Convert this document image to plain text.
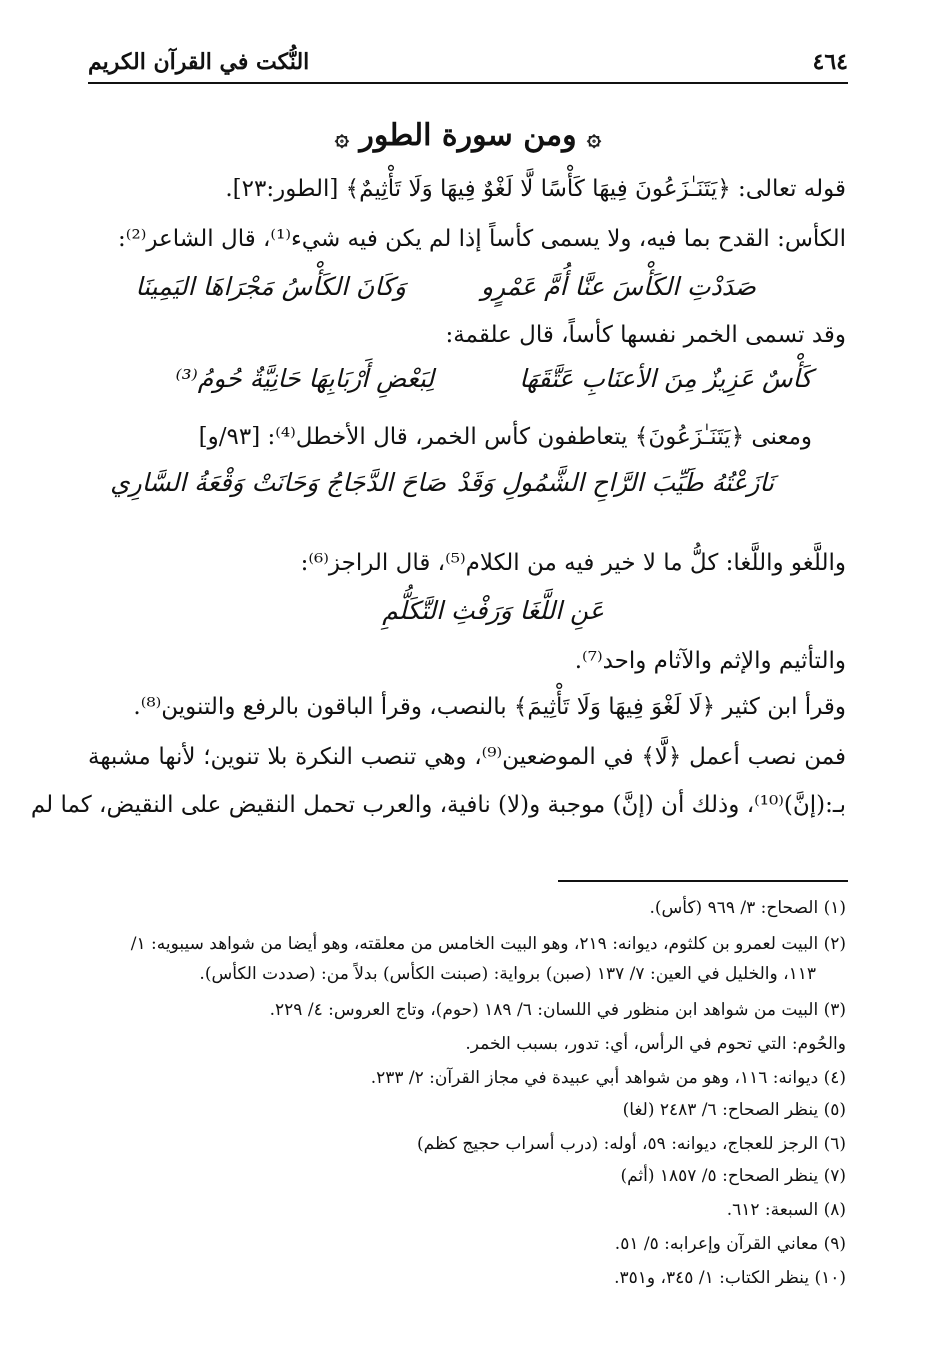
٤٦٤
النُّكت في القرآن الكريم
۞ ومن سورة الطور ۞
قوله تعالى: ﴿يَتَنَـٰزَعُونَ فِيهَا كَأْسًا لَّا لَغْوٌ فِيهَا وَلَا تَأْثِيمٌ﴾ [الطور:٢٣].
الكأس: القدح بما فيه، ولا يسمى كأساً إذا لم يكن فيه شيء⁽¹⁾، قال الشاعر⁽²⁾:
صَدَدْتِ الكَأْسَ عنَّا أُمَّ عَمْرٍو
وَكَانَ الكَأْسُ مَجْرَاهَا اليَمِينَا
وقد تسمى الخمر نفسها كأساً، قال علقمة:
كَأْسٌ عَزِيزٌ مِنَ الأعنَابِ عَتَّقَهَا
لِبَعْضِ أَرْبَابِهَا حَانِيَّةٌ حُومُ⁽³⁾
ومعنى ﴿يَتَنَـٰزَعُونَ﴾ يتعاطفون كأس الخمر، قال الأخطل⁽⁴⁾: [٩٣/و]
نَازَعْتُهُ طَيِّبَ الرَّاحِ الشَّمُولِ وَقَدْ
صَاحَ الدَّجَاجُ وَحَانَتْ وَقْعَةُ السَّارِي
واللَّغو واللَّغا: كلُّ ما لا خير فيه من الكلام⁽⁵⁾، قال الراجز⁽⁶⁾:
عَنِ اللَّغَا وَرَفْثِ التَّكَلُّمِ
والتأثيم والإثم والآثام واحد⁽⁷⁾.
وقرأ ابن كثير ﴿لَا لَغْوَ فِيهَا وَلَا تَأْثِيمَ﴾ بالنصب، وقرأ الباقون بالرفع والتنوين⁽⁸⁾.
فمن نصب أعمل ﴿لَّا﴾ في الموضعين⁽⁹⁾، وهي تنصب النكرة بلا تنوين؛ لأنها مشبهة
بـ:(إنَّ)⁽¹⁰⁾، وذلك أن (إنَّ) موجبة و(لا) نافية، والعرب تحمل النقيض على النقيض، كما لم
(١) الصحاح: ٣/ ٩٦٩ (كأس).
(٢) البيت لعمرو بن كلثوم، ديوانه: ٢١٩، وهو البيت الخامس من معلقته، وهو أيضا من شواهد سيبويه: ١/
١١٣، والخليل في العين: ٧/ ١٣٧ (صبن) برواية: (صبنت الكأس) بدلاً من: (صددت الكأس).
(٣) البيت من شواهد ابن منظور في اللسان: ٦/ ١٨٩ (حوم)، وتاج العروس: ٤/ ٢٢٩.
والحُوم: التي تحوم في الرأس، أي: تدور، بسبب الخمر.
(٤) ديوانه: ١١٦، وهو من شواهد أبي عبيدة في مجاز القرآن: ٢/ ٢٣٣.
(٥) ينظر الصحاح: ٦/ ٢٤٨٣ (لغا)
(٦) الرجز للعجاج، ديوانه: ٥٩، أوله: (درب أسراب حجيج كظم)
(٧) ينظر الصحاح: ٥/ ١٨٥٧ (أثم)
(٨) السبعة: ٦١٢.
(٩) معاني القرآن وإعرابه: ٥/ ٥١.
(١٠) ينظر الكتاب: ١/ ٣٤٥، و٣٥١.
